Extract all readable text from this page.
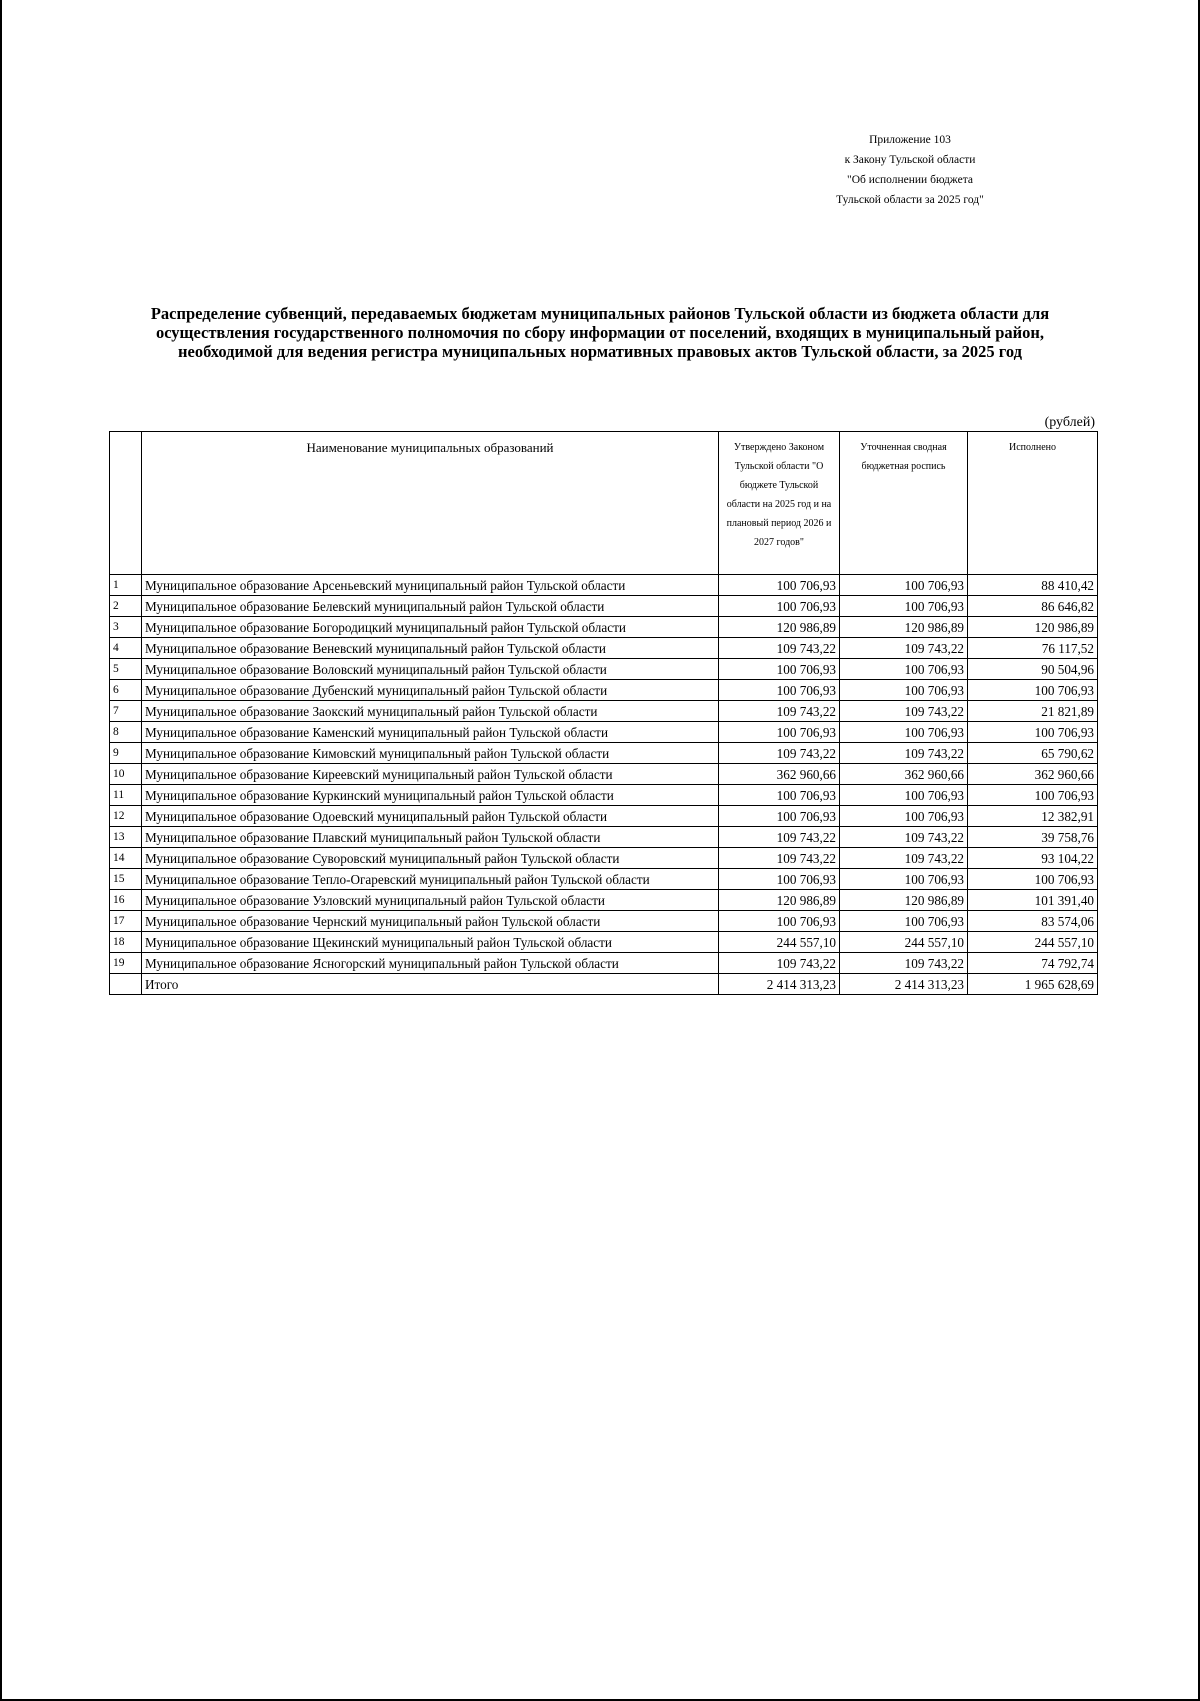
Приложение 103
к Закону Тульской области
"Об исполнении бюджета
Тульской области за 2025 год"
Распределение субвенций, передаваемых бюджетам муниципальных районов Тульской области из бюджета области для
осуществления государственного полномочия по сбору информации от поселений, входящих в муниципальный район,
необходимой для ведения регистра муниципальных нормативных правовых актов Тульской области, за 2025 год
(рублей)
	Наименование муниципальных образований	Утверждено Законом Тульской области "О бюджете Тульской области на 2025 год и на плановый период 2026 и 2027 годов"	Уточненная сводная бюджетная роспись	Исполнено
1	Муниципальное образование Арсеньевский муниципальный район Тульской области	100 706,93	100 706,93	88 410,42
2	Муниципальное образование Белевский муниципальный район Тульской области	100 706,93	100 706,93	86 646,82
3	Муниципальное образование Богородицкий муниципальный район Тульской области	120 986,89	120 986,89	120 986,89
4	Муниципальное образование Веневский муниципальный район Тульской области	109 743,22	109 743,22	76 117,52
5	Муниципальное образование Воловский муниципальный район Тульской области	100 706,93	100 706,93	90 504,96
6	Муниципальное образование Дубенский муниципальный район Тульской области	100 706,93	100 706,93	100 706,93
7	Муниципальное образование Заокский муниципальный район Тульской области	109 743,22	109 743,22	21 821,89
8	Муниципальное образование Каменский муниципальный район Тульской области	100 706,93	100 706,93	100 706,93
9	Муниципальное образование Кимовский муниципальный район Тульской области	109 743,22	109 743,22	65 790,62
10	Муниципальное образование Киреевский муниципальный район Тульской области	362 960,66	362 960,66	362 960,66
11	Муниципальное образование Куркинский муниципальный район Тульской области	100 706,93	100 706,93	100 706,93
12	Муниципальное образование Одоевский муниципальный район Тульской области	100 706,93	100 706,93	12 382,91
13	Муниципальное образование Плавский муниципальный район Тульской области	109 743,22	109 743,22	39 758,76
14	Муниципальное образование Суворовский муниципальный район Тульской области	109 743,22	109 743,22	93 104,22
15	Муниципальное образование Тепло-Огаревский муниципальный район Тульской области	100 706,93	100 706,93	100 706,93
16	Муниципальное образование Узловский муниципальный район Тульской области	120 986,89	120 986,89	101 391,40
17	Муниципальное образование Чернский муниципальный район Тульской области	100 706,93	100 706,93	83 574,06
18	Муниципальное образование Щекинский муниципальный район Тульской области	244 557,10	244 557,10	244 557,10
19	Муниципальное образование Ясногорский муниципальный район Тульской области	109 743,22	109 743,22	74 792,74
	Итого	2 414 313,23	2 414 313,23	1 965 628,69
